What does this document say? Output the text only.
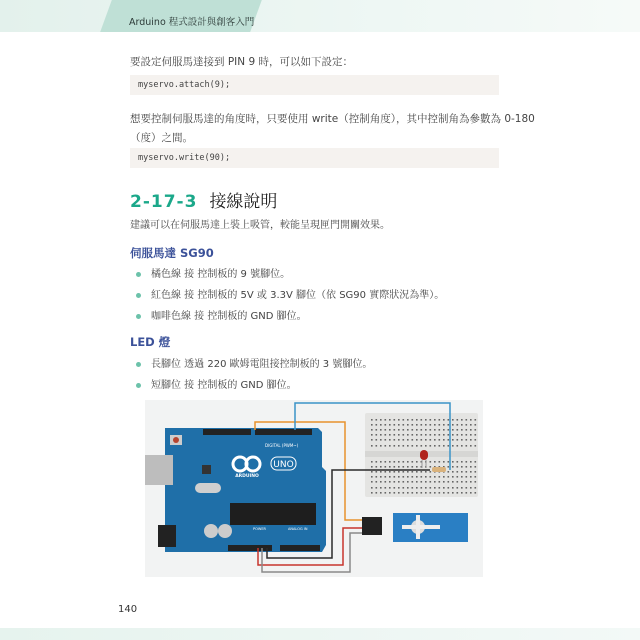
Arduino 程式設計與創客入門
要設定伺服馬達接到 PIN 9 時，可以如下設定：
myservo.attach(9);
想要控制伺服馬達的角度時，只要使用 write（控制角度），其中控制角為參數為 0-180
（度）之間。
myservo.write(90);
2-17-3 接線說明
建議可以在伺服馬達上裝上吸管，較能呈現匣門開關效果。
伺服馬達 SG90
橘色線 接 控制板的 9 號腳位。
紅色線 接 控制板的 5V 或 3.3V 腳位（依 SG90 實際狀況為準）。
咖啡色線 接 控制板的 GND 腳位。
LED 燈
長腳位 透過 220 歐姆電阻接控制板的 3 號腳位。
短腳位 接 控制板的 GND 腳位。
UNO
ARDUINO
DIGITAL (PWM~)
POWER	ANALOG IN
140
